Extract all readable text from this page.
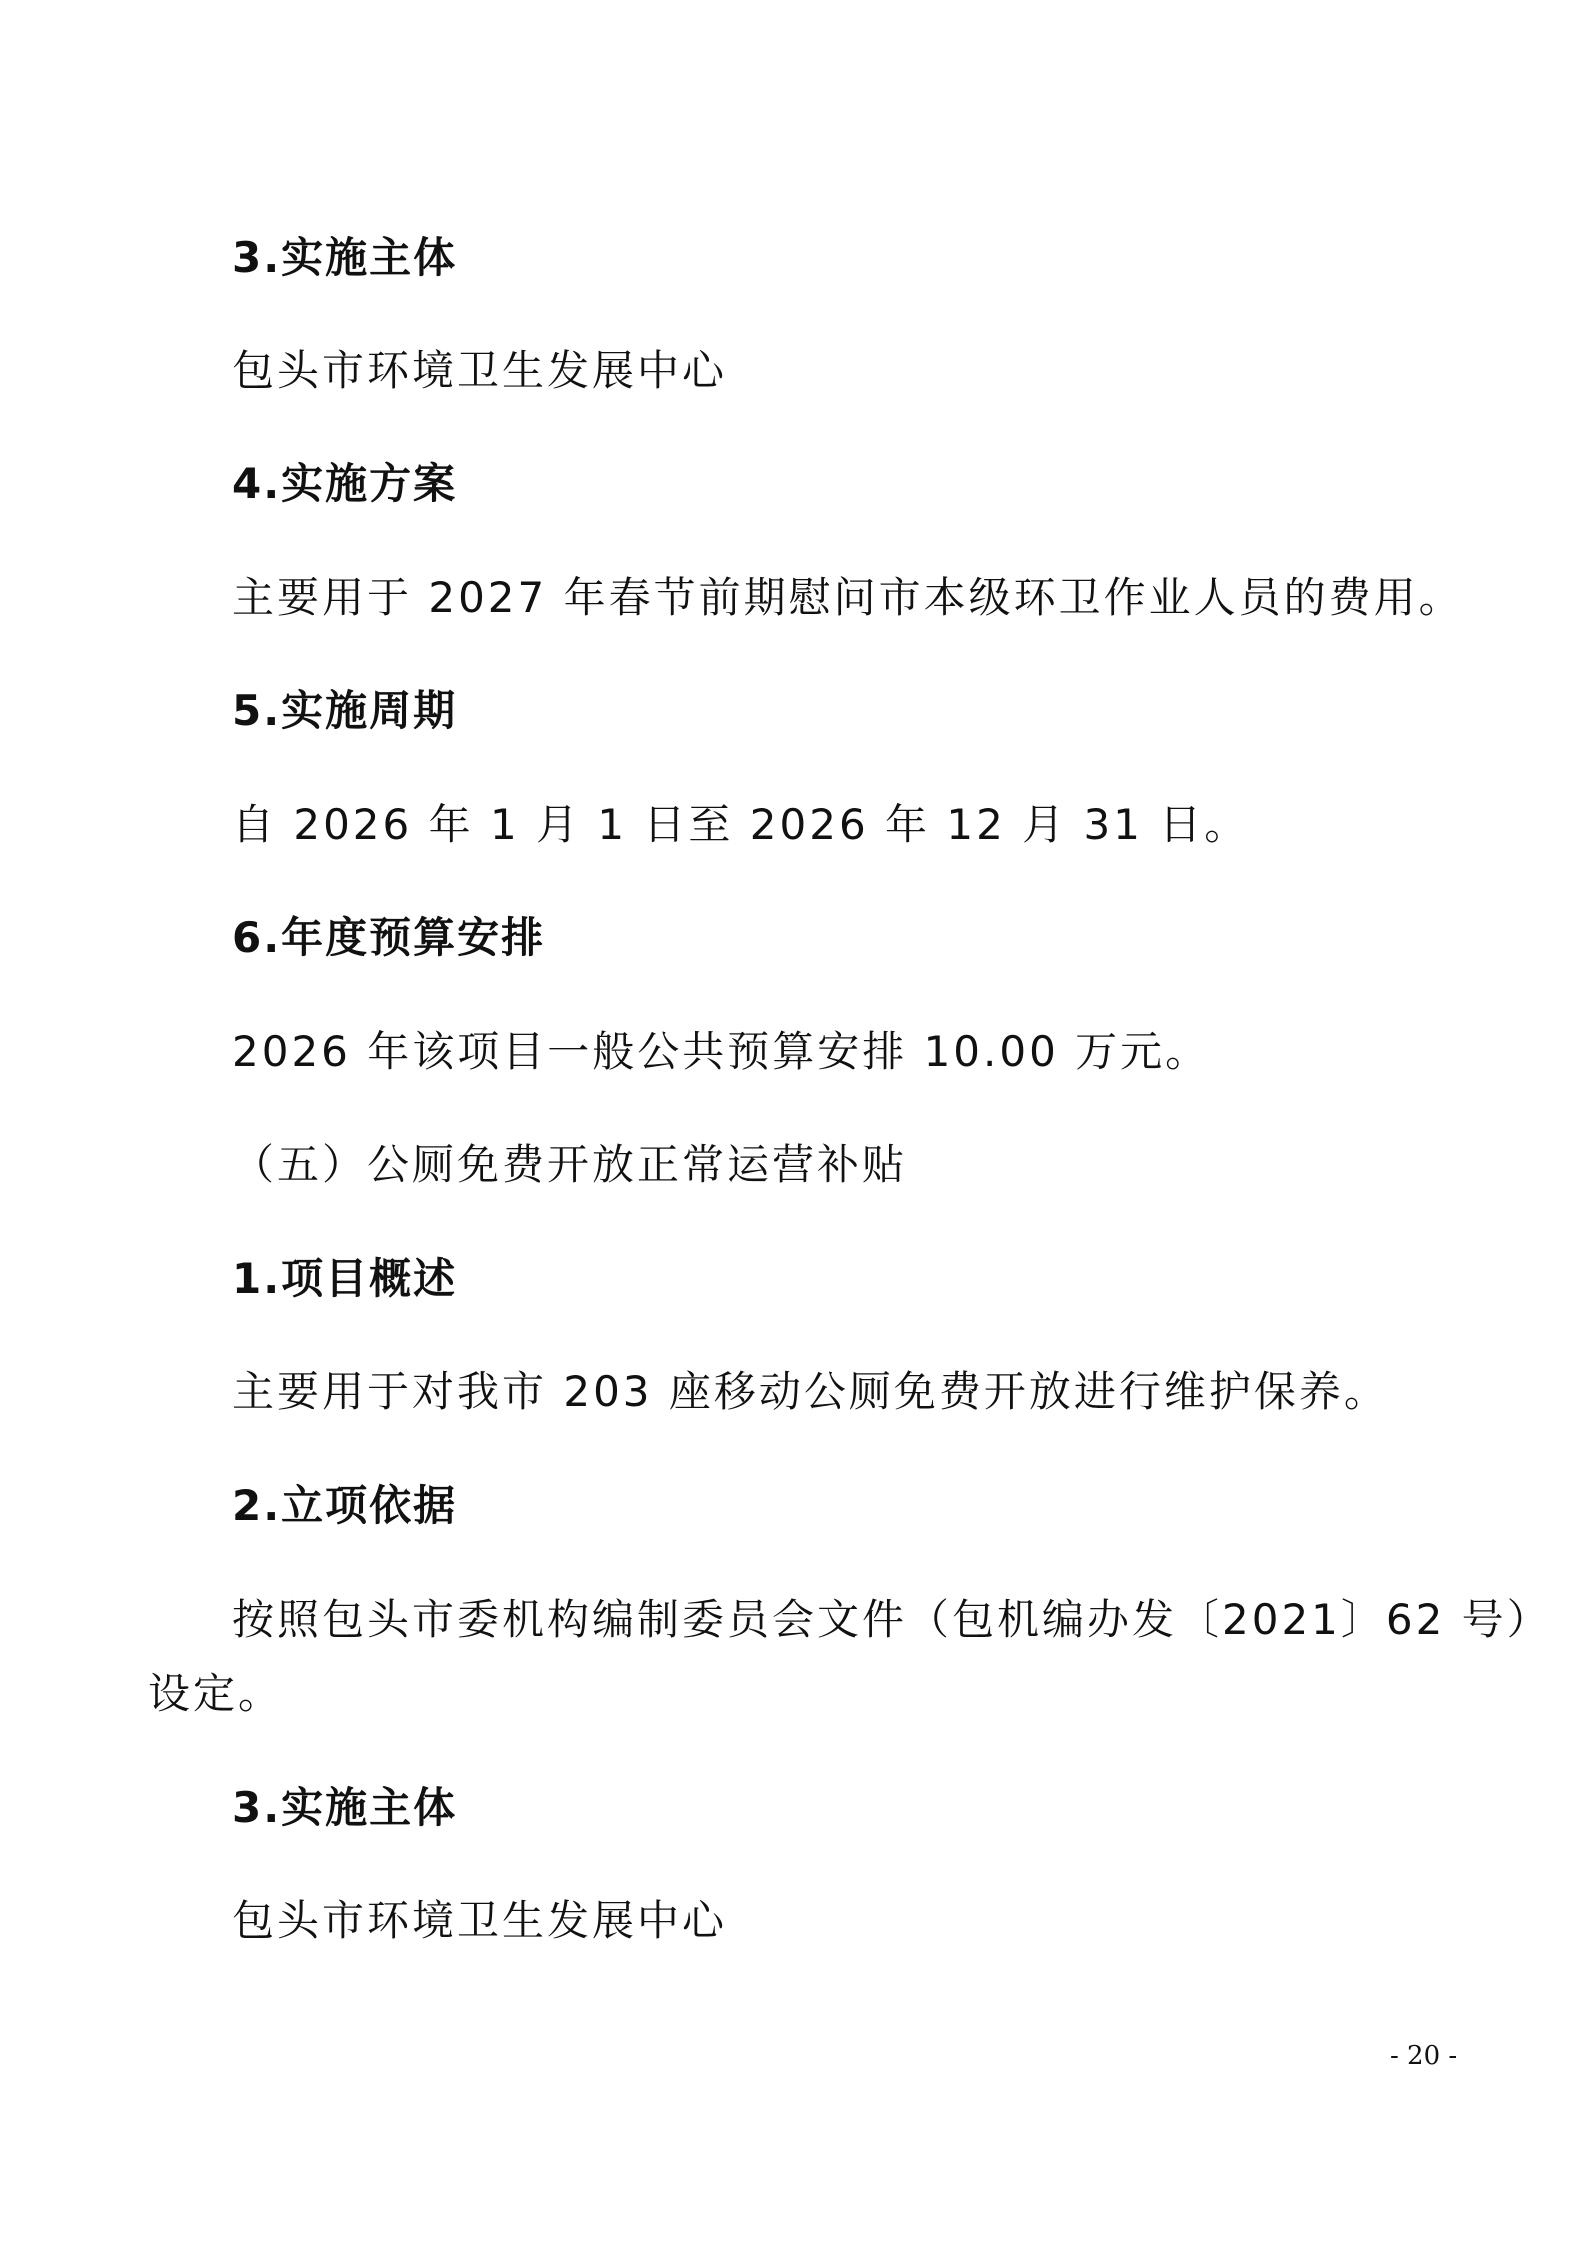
3.实施主体
包头市环境卫生发展中心
4.实施方案
主要用于 2027 年春节前期慰问市本级环卫作业人员的费用。
5.实施周期
自 2026 年 1 月 1 日至 2026 年 12 月 31 日。
6.年度预算安排
2026 年该项目一般公共预算安排 10.00 万元。
（五）公厕免费开放正常运营补贴
1.项目概述
主要用于对我市 203 座移动公厕免费开放进行维护保养。
2.立项依据
按照包头市委机构编制委员会文件（包机编办发〔2021〕62 号）
设定。
3.实施主体
包头市环境卫生发展中心
- 20 -
